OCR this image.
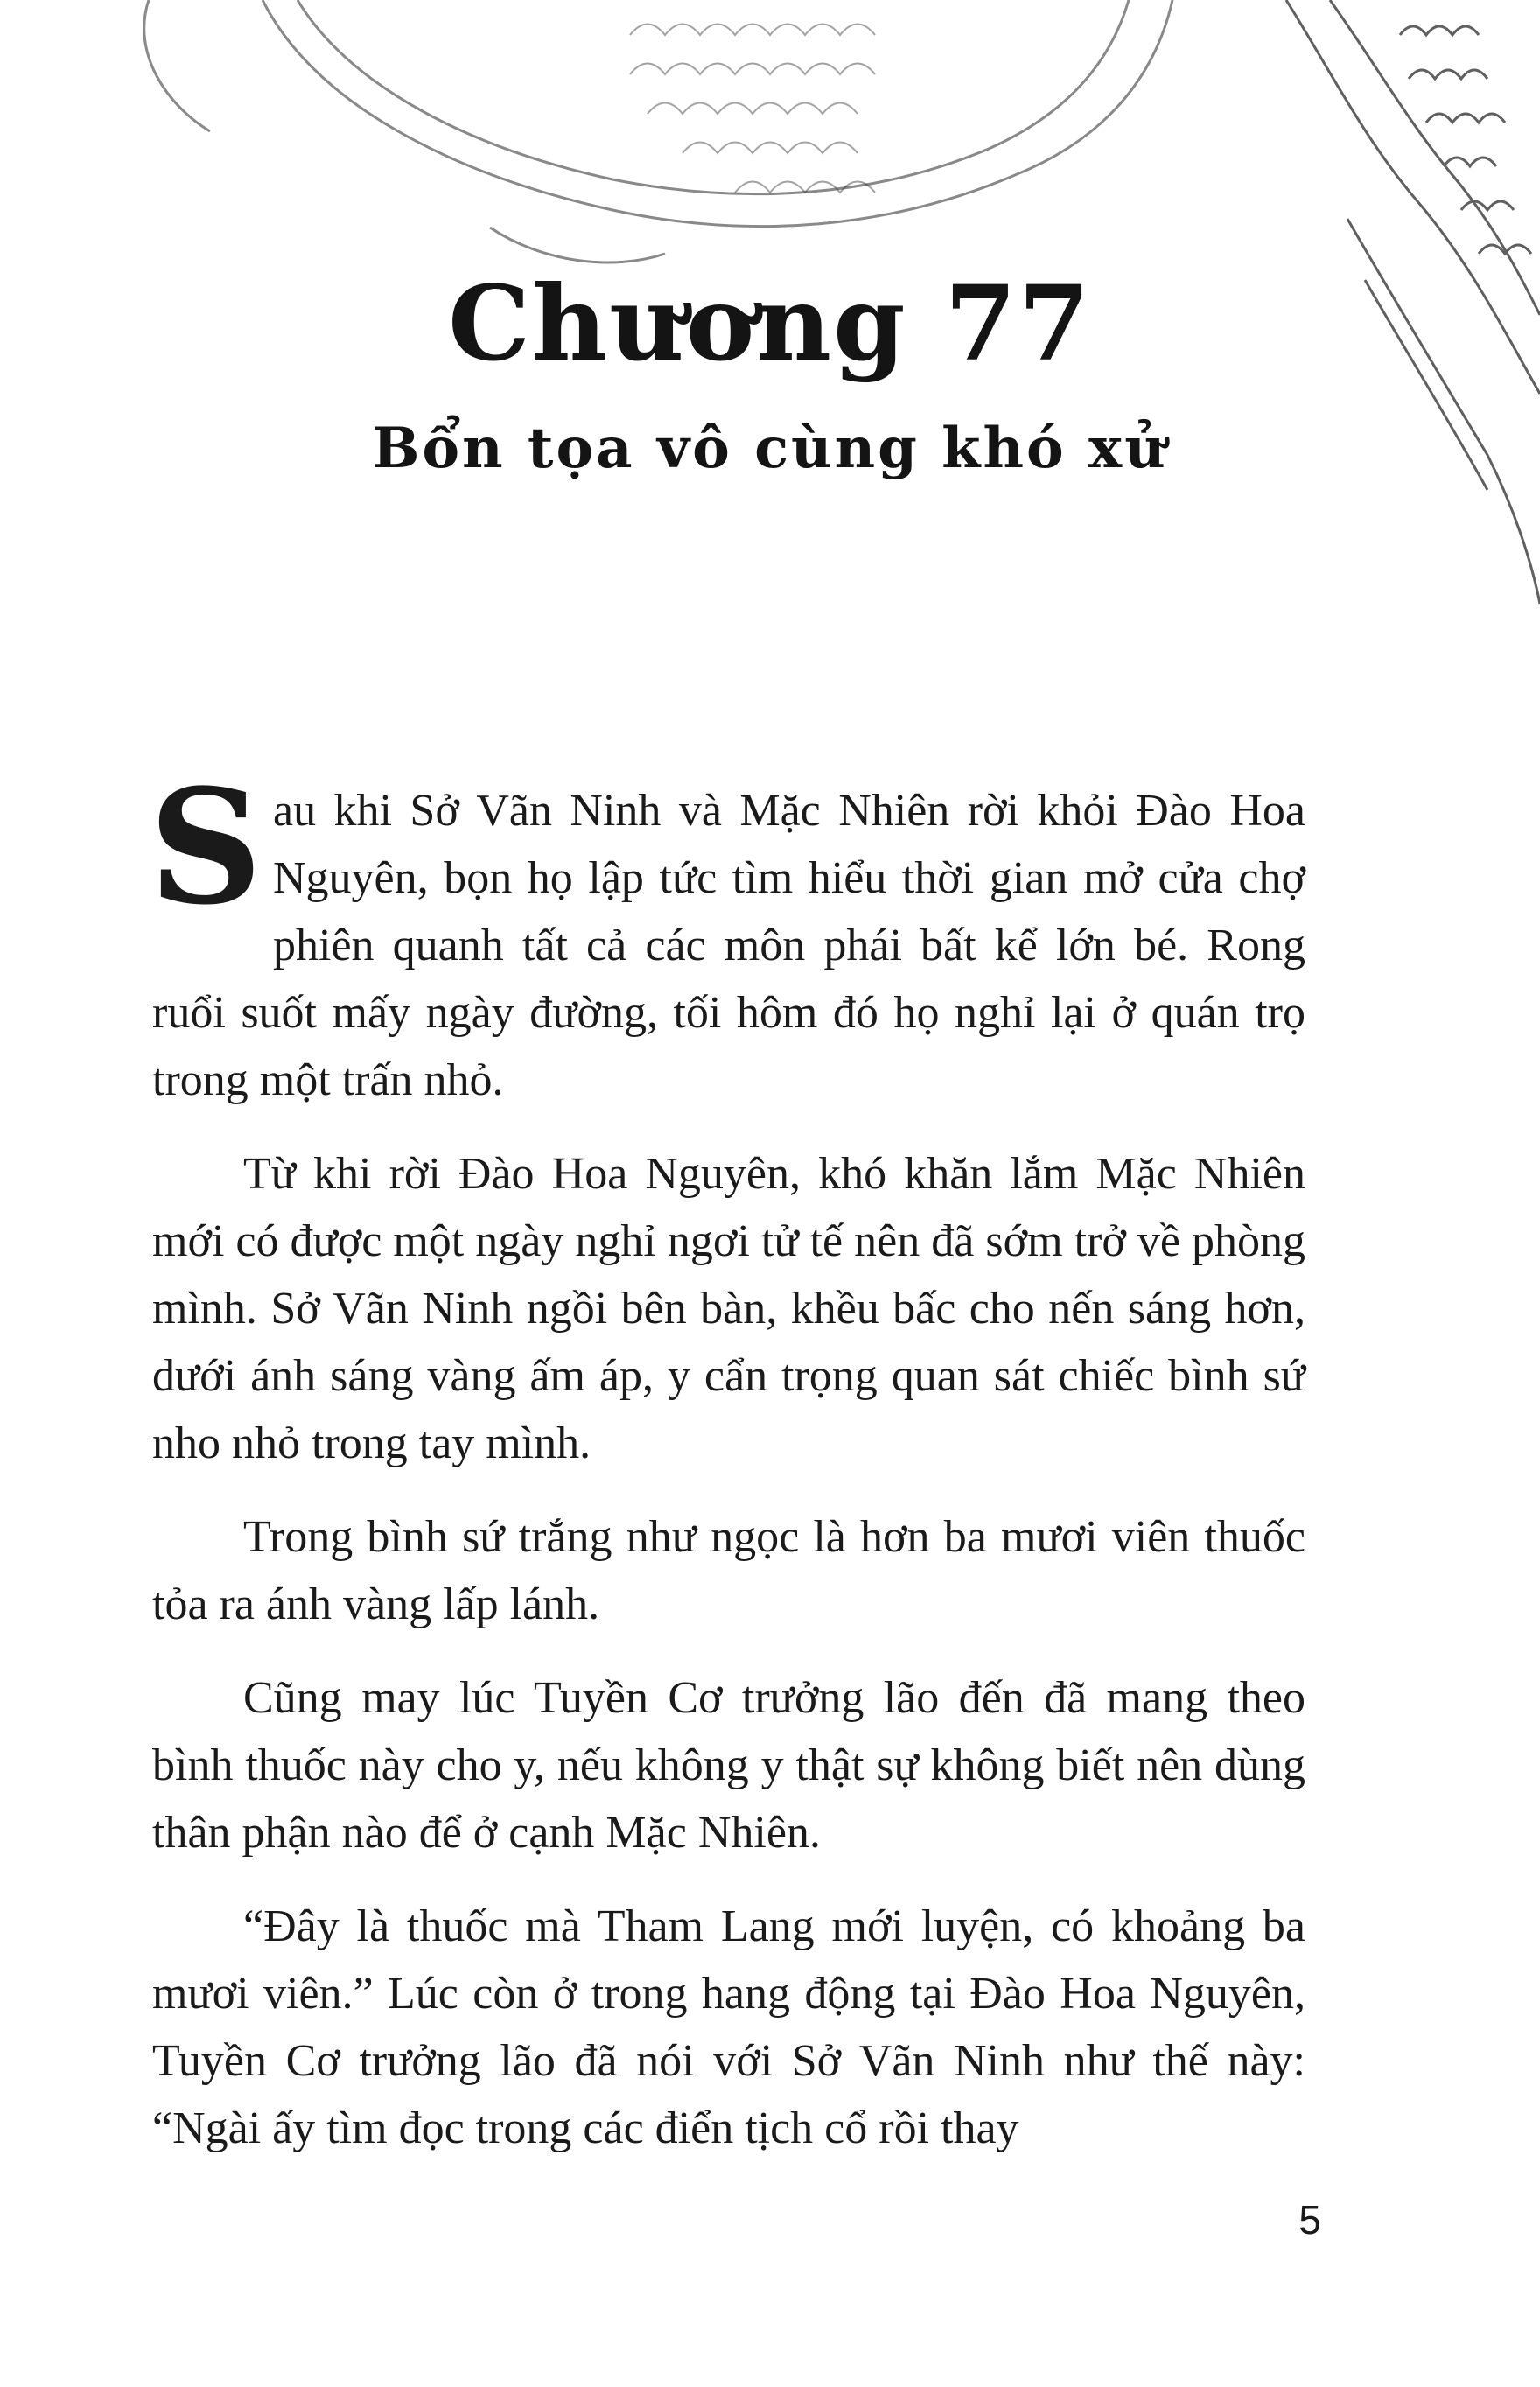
Chương 77
Bổn tọa vô cùng khó xử

Sau khi Sở Vãn Ninh và Mặc Nhiên rời khỏi Đào Hoa Nguyên, bọn họ lập tức tìm hiểu thời gian mở cửa chợ phiên quanh tất cả các môn phái bất kể lớn bé. Rong ruổi suốt mấy ngày đường, tối hôm đó họ nghỉ lại ở quán trọ trong một trấn nhỏ.

Từ khi rời Đào Hoa Nguyên, khó khăn lắm Mặc Nhiên mới có được một ngày nghỉ ngơi tử tế nên đã sớm trở về phòng mình. Sở Vãn Ninh ngồi bên bàn, khều bấc cho nến sáng hơn, dưới ánh sáng vàng ấm áp, y cẩn trọng quan sát chiếc bình sứ nho nhỏ trong tay mình.

Trong bình sứ trắng như ngọc là hơn ba mươi viên thuốc tỏa ra ánh vàng lấp lánh.

Cũng may lúc Tuyền Cơ trưởng lão đến đã mang theo bình thuốc này cho y, nếu không y thật sự không biết nên dùng thân phận nào để ở cạnh Mặc Nhiên.

“Đây là thuốc mà Tham Lang mới luyện, có khoảng ba mươi viên.” Lúc còn ở trong hang động tại Đào Hoa Nguyên, Tuyền Cơ trưởng lão đã nói với Sở Vãn Ninh như thế này: “Ngài ấy tìm đọc trong các điển tịch cổ rồi thay

5
